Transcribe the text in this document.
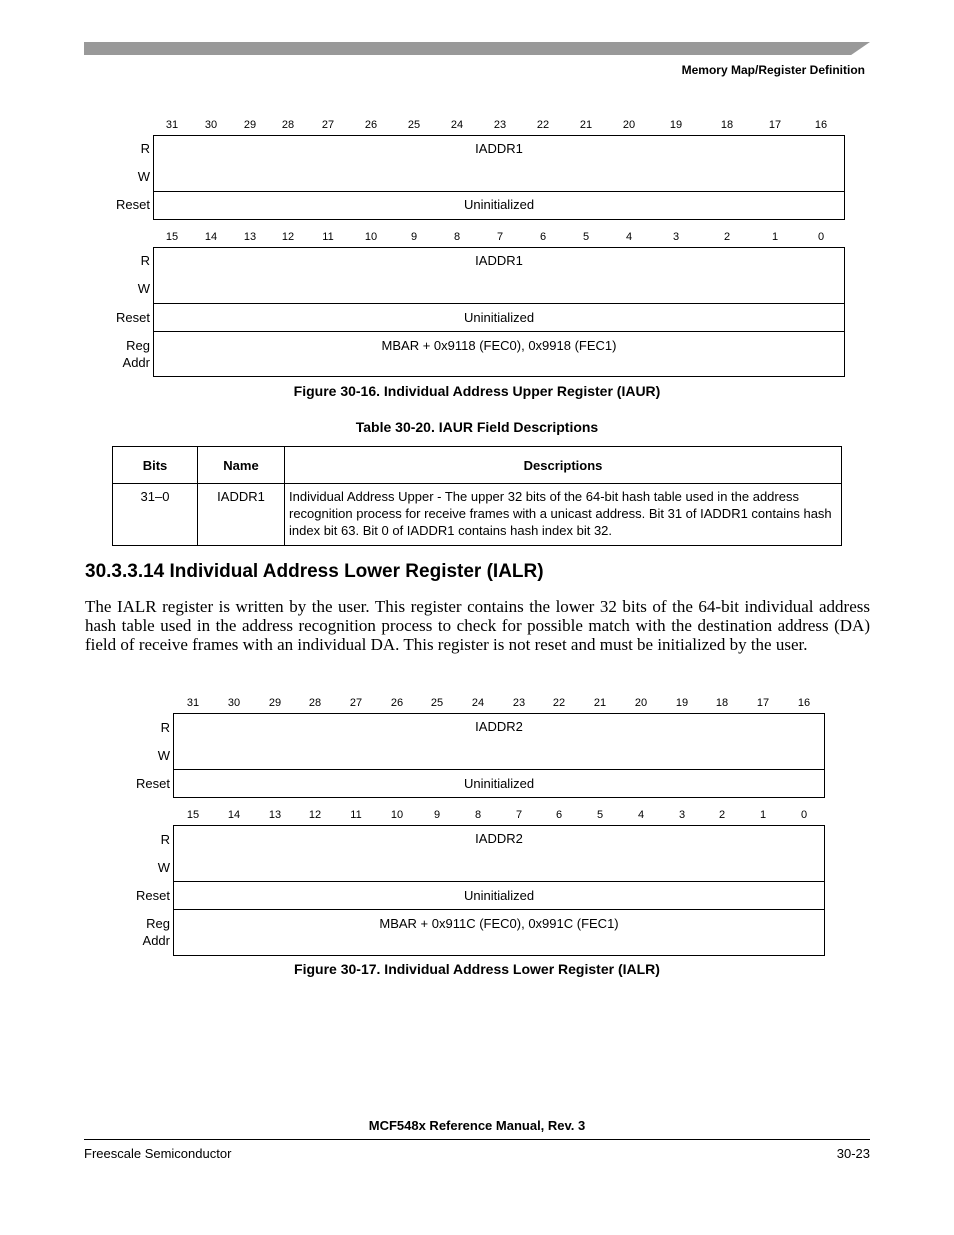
Memory Map/Register Definition
31	30	29	28	27	26	25	24	23	22	21	20	19	18	17	16
R
W
Reset
IADDR1
Uninitialized
15	14	13	12	11	10	9	8	7	6	5	4	3	2	1	0
R
W
Reset
Reg
Addr
IADDR1
Uninitialized
MBAR + 0x9118 (FEC0), 0x9918 (FEC1)
Figure 30-16. Individual Address Upper Register (IAUR)
Table 30-20. IAUR Field Descriptions
Bits	Name	Descriptions
31–0	IADDR1	Individual Address Upper - The upper 32 bits of the 64-bit hash table used in the address recognition process for receive frames with a unicast address. Bit 31 of IADDR1 contains hash index bit 63. Bit 0 of IADDR1 contains hash index bit 32.
30.3.3.14 Individual Address Lower Register (IALR)
The IALR register is written by the user. This register contains the lower 32 bits of the 64-bit individual address hash table used in the address recognition process to check for possible match with the destination address (DA) field of receive frames with an individual DA. This register is not reset and must be initialized by the user.
31	30	29	28	27	26	25	24	23	22	21	20	19	18	17	16
R
W
Reset
IADDR2
Uninitialized
15	14	13	12	11	10	9	8	7	6	5	4	3	2	1	0
R
W
Reset
Reg
Addr
IADDR2
Uninitialized
MBAR + 0x911C (FEC0), 0x991C (FEC1)
Figure 30-17. Individual Address Lower Register (IALR)
MCF548x Reference Manual, Rev. 3
Freescale Semiconductor	30-23
